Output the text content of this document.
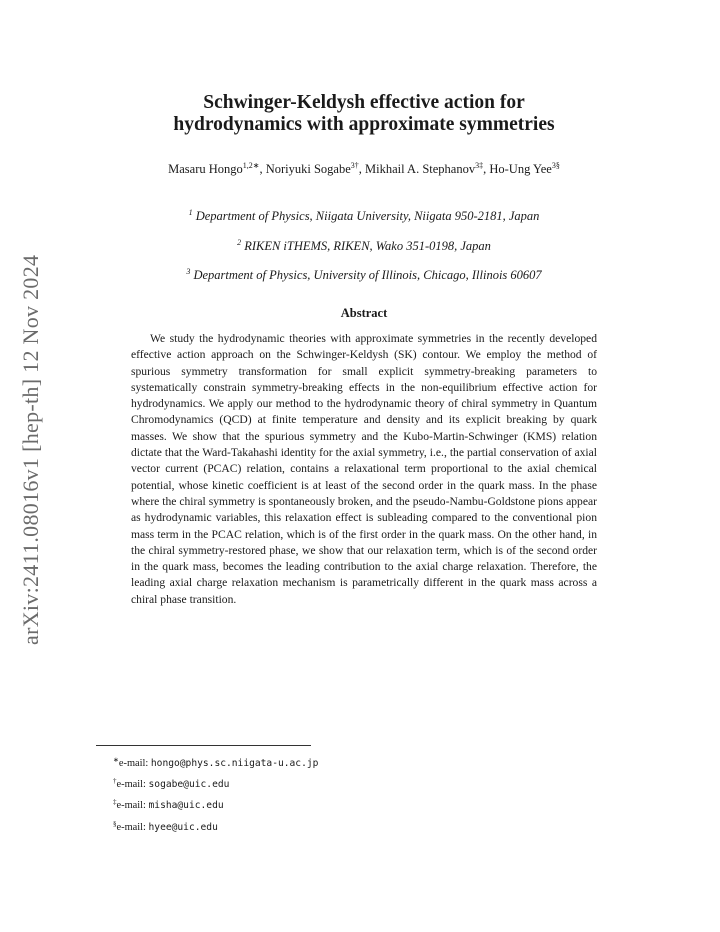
arXiv:2411.08016v1 [hep-th] 12 Nov 2024
Schwinger-Keldysh effective action for
hydrodynamics with approximate symmetries
Masaru Hongo$^{1,2∗}$, Noriyuki Sogabe$^{3\dagger}$, Mikhail A. Stephanov$^{3\ddagger}$, Ho-Ung Yee$^{3\S}$
$^1$ Department of Physics, Niigata University, Niigata 950-2181, Japan
$^2$ RIKEN iTHEMS, RIKEN, Wako 351-0198, Japan
$^3$ Department of Physics, University of Illinois, Chicago, Illinois 60607
Abstract
We study the hydrodynamic theories with approximate symmetries in the recently developed effective action approach on the Schwinger-Keldysh (SK) contour. We employ the method of spurious symmetry transformation for small explicit symmetry-breaking parameters to systematically constrain symmetry-breaking effects in the non-equilibrium effective action for hydrodynamics. We apply our method to the hydrodynamic theory of chiral symmetry in Quantum Chromodynamics (QCD) at finite temperature and density and its explicit breaking by quark masses. We show that the spurious symmetry and the Kubo-Martin-Schwinger (KMS) relation dictate that the Ward-Takahashi identity for the axial symmetry, i.e., the partial conservation of axial vector current (PCAC) relation, contains a relaxational term proportional to the axial chemical potential, whose kinetic coefficient is at least of the second order in the quark mass. In the phase where the chiral symmetry is spontaneously broken, and the pseudo-Nambu-Goldstone pions appear as hydrodynamic variables, this relaxation effect is subleading compared to the conventional pion mass term in the PCAC relation, which is of the first order in the quark mass. On the other hand, in the chiral symmetry-restored phase, we show that our relaxation term, which is of the second order in the quark mass, becomes the leading contribution to the axial charge relaxation. Therefore, the leading axial charge relaxation mechanism is parametrically different in the quark mass across a chiral phase transition.
∗e-mail: hongo@phys.sc.niigata-u.ac.jp
†e-mail: sogabe@uic.edu
‡e-mail: misha@uic.edu
§e-mail: hyee@uic.edu
